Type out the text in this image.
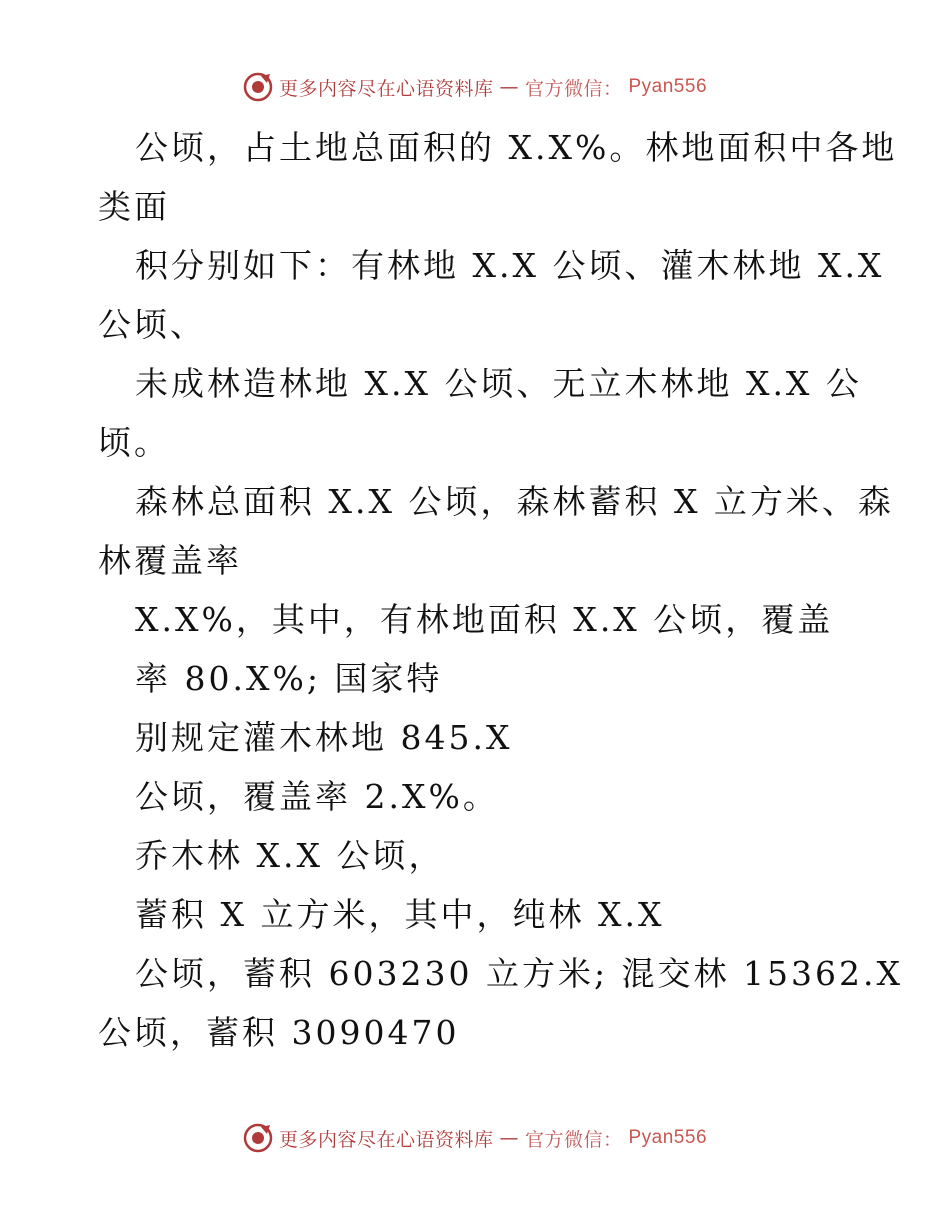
更多内容尽在心语资料库 — 官方微信： Pyan556
公顷，占土地总面积的 X.X%。林地面积中各地
类面
积分别如下：有林地 X.X 公顷、灌木林地 X.X
公顷、
未成林造林地 X.X 公顷、无立木林地 X.X 公
顷。
森林总面积 X.X 公顷，森林蓄积 X 立方米、森
林覆盖率
X.X%，其中，有林地面积 X.X 公顷，覆盖
率 80.X%; 国家特
别规定灌木林地 845.X
公顷，覆盖率 2.X%。
乔木林 X.X 公顷，
蓄积 X 立方米，其中，纯林 X.X
公顷，蓄积 603230 立方米; 混交林 15362.X
公顷，蓄积 3090470
更多内容尽在心语资料库 — 官方微信： Pyan556
